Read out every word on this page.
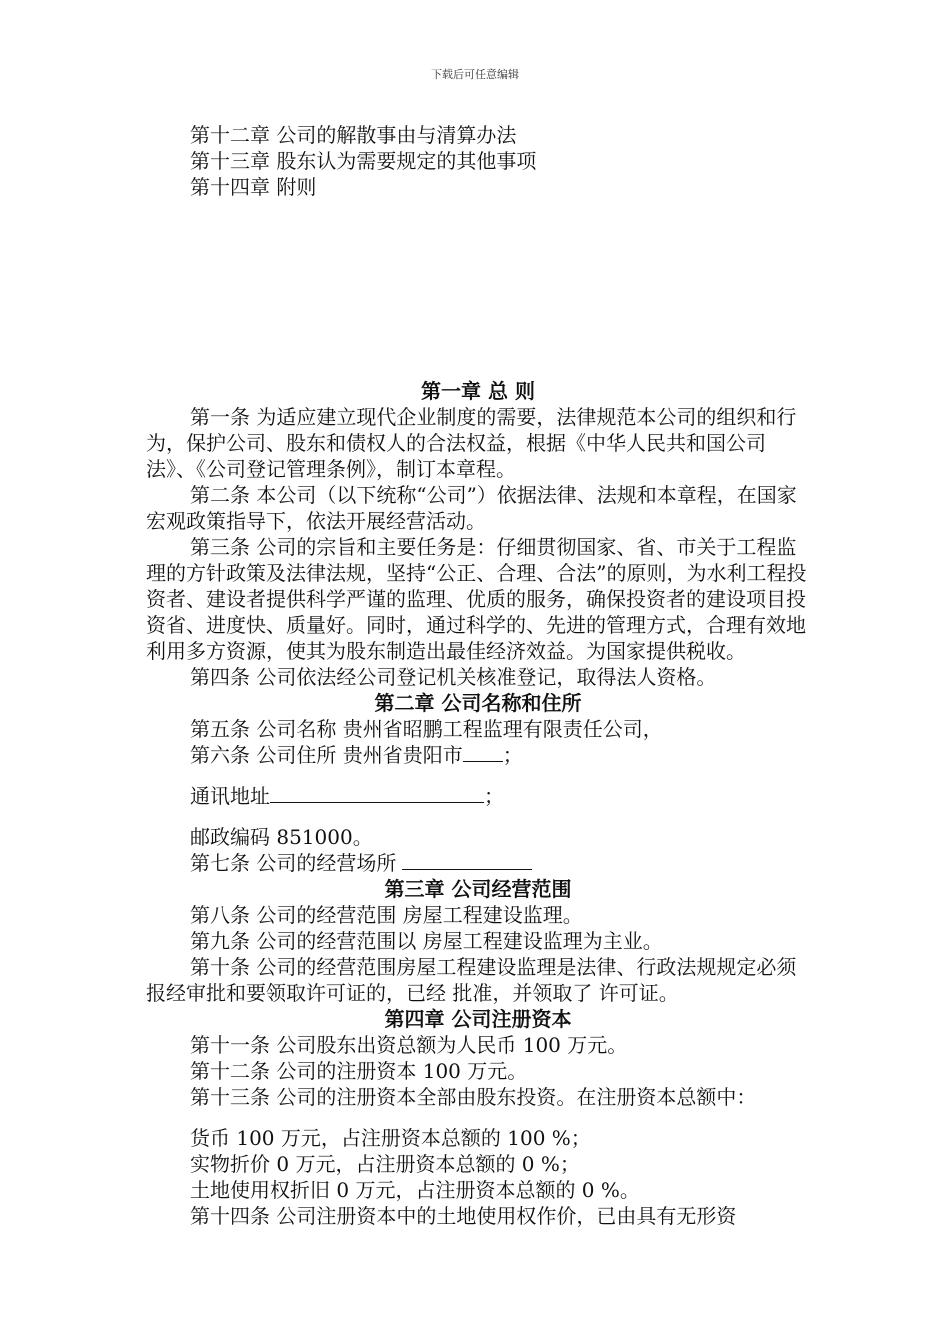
下载后可任意编辑

第十二章 公司的解散事由与清算办法

第十三章 股东认为需要规定的其他事项

第十四章 附则

第一章 总 则

第一条 为适应建立现代企业制度的需要，法律规范本公司的组织和行为，保护公司、股东和债权人的合法权益，根据《中华人民共和国公司法》、《公司登记管理条例》，制订本章程。

第二条 本公司（以下统称“公司”）依据法律、法规和本章程，在国家宏观政策指导下，依法开展经营活动。

第三条 公司的宗旨和主要任务是：仔细贯彻国家、省、市关于工程监理的方针政策及法律法规，坚持“公正、合理、合法”的原则，为水利工程投资者、建设者提供科学严谨的监理、优质的服务，确保投资者的建设项目投资省、进度快、质量好。同时，通过科学的、先进的管理方式，合理有效地利用多方资源，使其为股东制造出最佳经济效益。为国家提供税收。

第四条 公司依法经公司登记机关核准登记，取得法人资格。

第二章 公司名称和住所

第五条 公司名称 贵州省昭鹏工程监理有限责任公司，

第六条 公司住所 贵州省贵阳市 ；

通讯地址	；

邮政编码 851000。

第七条 公司的经营场所

第三章 公司经营范围

第八条 公司的经营范围 房屋工程建设监理。

第九条 公司的经营范围以 房屋工程建设监理为主业。

第十条 公司的经营范围房屋工程建设监理是法律、行政法规规定必须报经审批和要领取许可证的，已经 批准，并领取了 许可证。

第四章 公司注册资本

第十一条 公司股东出资总额为人民币 100 万元。

第十二条 公司的注册资本 100 万元。

第十三条 公司的注册资本全部由股东投资。在注册资本总额中：

货币 100 万元，占注册资本总额的 100 %；

实物折价 0 万元，占注册资本总额的 0 %；

土地使用权折旧 0 万元，占注册资本总额的 0 %。

第十四条 公司注册资本中的土地使用权作价，已由具有无形资
